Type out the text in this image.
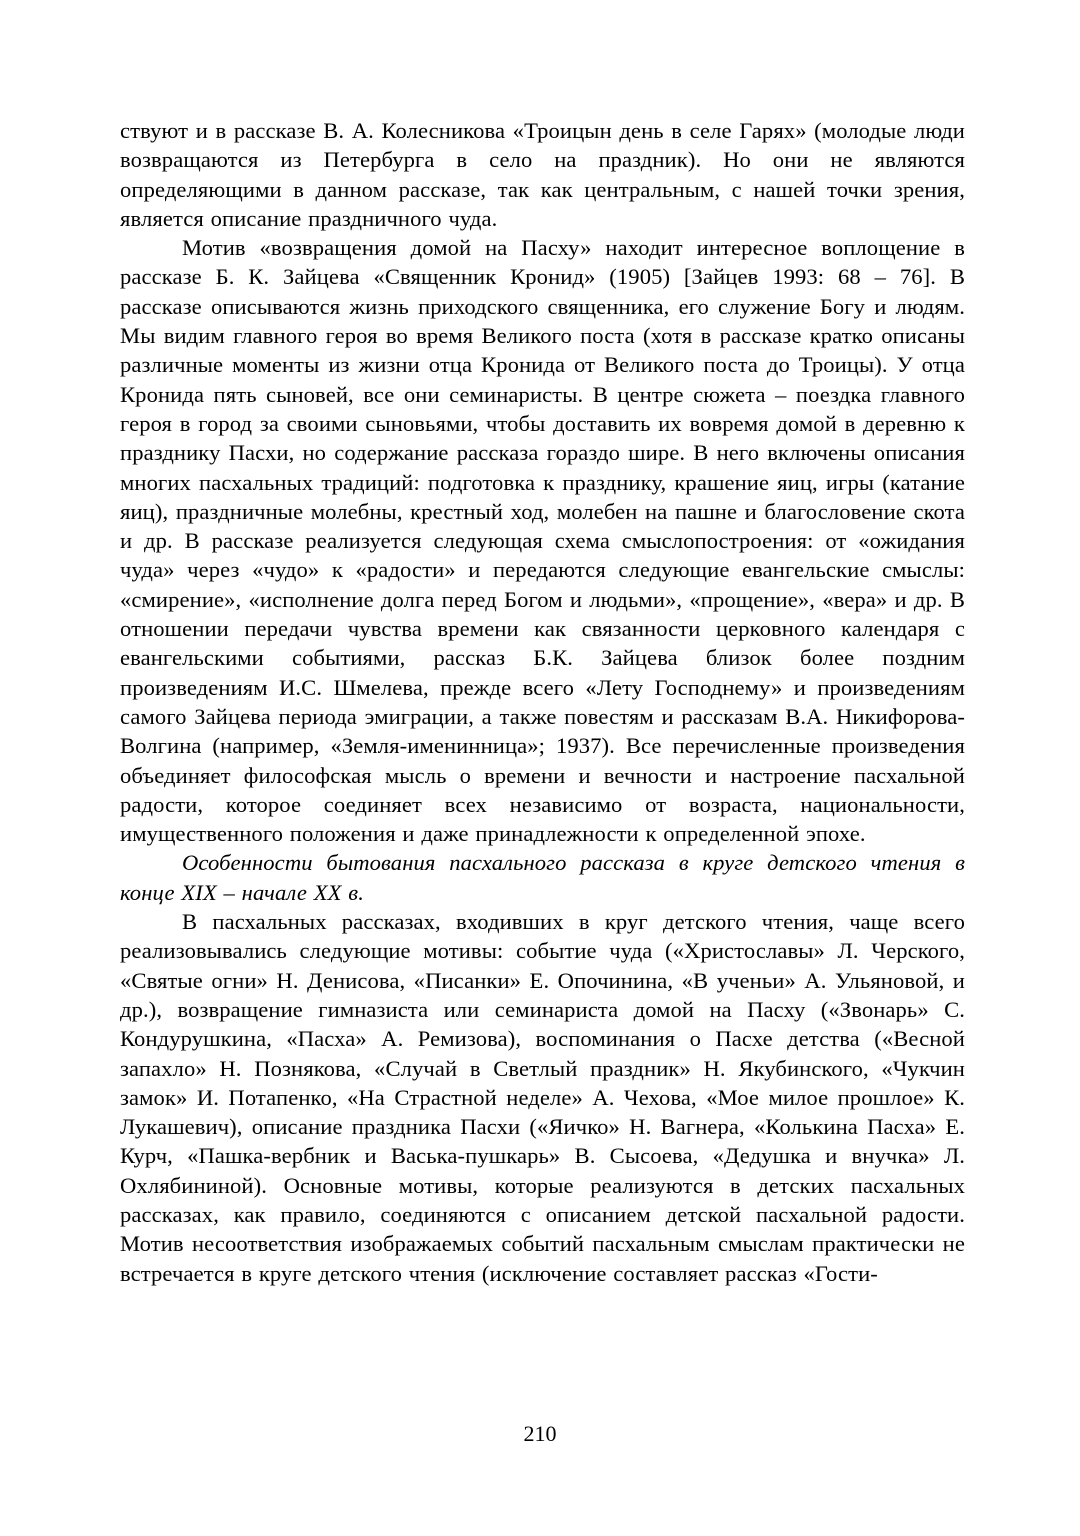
ствуют и в рассказе В. А. Колесникова «Троицын день в селе Гарях» (молодые люди возвращаются из Петербурга в село на праздник). Но они не являются определяющими в данном рассказе, так как центральным, с нашей точки зрения, является описание праздничного чуда.

Мотив «возвращения домой на Пасху» находит интересное воплощение в рассказе Б. К. Зайцева «Священник Кронид» (1905) [Зайцев 1993: 68 – 76]. В рассказе описываются жизнь приходского священника, его служение Богу и людям. Мы видим главного героя во время Великого поста (хотя в рассказе кратко описаны различные моменты из жизни отца Кронида от Великого поста до Троицы). У отца Кронида пять сыновей, все они семинаристы. В центре сюжета – поездка главного героя в город за своими сыновьями, чтобы доставить их вовремя домой в деревню к празднику Пасхи, но содержание рассказа гораздо шире. В него включены описания многих пасхальных традиций: подготовка к празднику, крашение яиц, игры (катание яиц), праздничные молебны, крестный ход, молебен на пашне и благословение скота и др. В рассказе реализуется следующая схема смыслопостроения: от «ожидания чуда» через «чудо» к «радости» и передаются следующие евангельские смыслы: «смирение», «исполнение долга перед Богом и людьми», «прощение», «вера» и др. В отношении передачи чувства времени как связанности церковного календаря с евангельскими событиями, рассказ Б.К. Зайцева близок более поздним произведениям И.С. Шмелева, прежде всего «Лету Господнему» и произведениям самого Зайцева периода эмиграции, а также повестям и рассказам В.А. Никифорова-Волгина (например, «Земля-именинница»; 1937). Все перечисленные произведения объединяет философская мысль о времени и вечности и настроение пасхальной радости, которое соединяет всех независимо от возраста, национальности, имущественного положения и даже принадлежности к определенной эпохе.

Особенности бытования пасхального рассказа в круге детского чтения в конце XIX – начале XX в.

В пасхальных рассказах, входивших в круг детского чтения, чаще всего реализовывались следующие мотивы: событие чуда («Христославы» Л. Черского, «Святые огни» Н. Денисова, «Писанки» Е. Опочинина, «В ученьи» А. Ульяновой, и др.), возвращение гимназиста или семинариста домой на Пасху («Звонарь» С. Кондурушкина, «Пасха» А. Ремизова), воспоминания о Пасхе детства («Весной запахло» Н. Познякова, «Случай в Светлый праздник» Н. Якубинского, «Чукчин замок» И. Потапенко, «На Страстной неделе» А. Чехова, «Мое милое прошлое» К. Лукашевич), описание праздника Пасхи («Яичко» Н. Вагнера, «Колькина Пасха» Е. Курч, «Пашка-вербник и Васька-пушкарь» В. Сысоева, «Дедушка и внучка» Л. Охлябининой). Основные мотивы, которые реализуются в детских пасхальных рассказах, как правило, соединяются с описанием детской пасхальной радости. Мотив несоответствия изображаемых событий пасхальным смыслам практически не встречается в круге детского чтения (исключение составляет рассказ «Гости-

210
